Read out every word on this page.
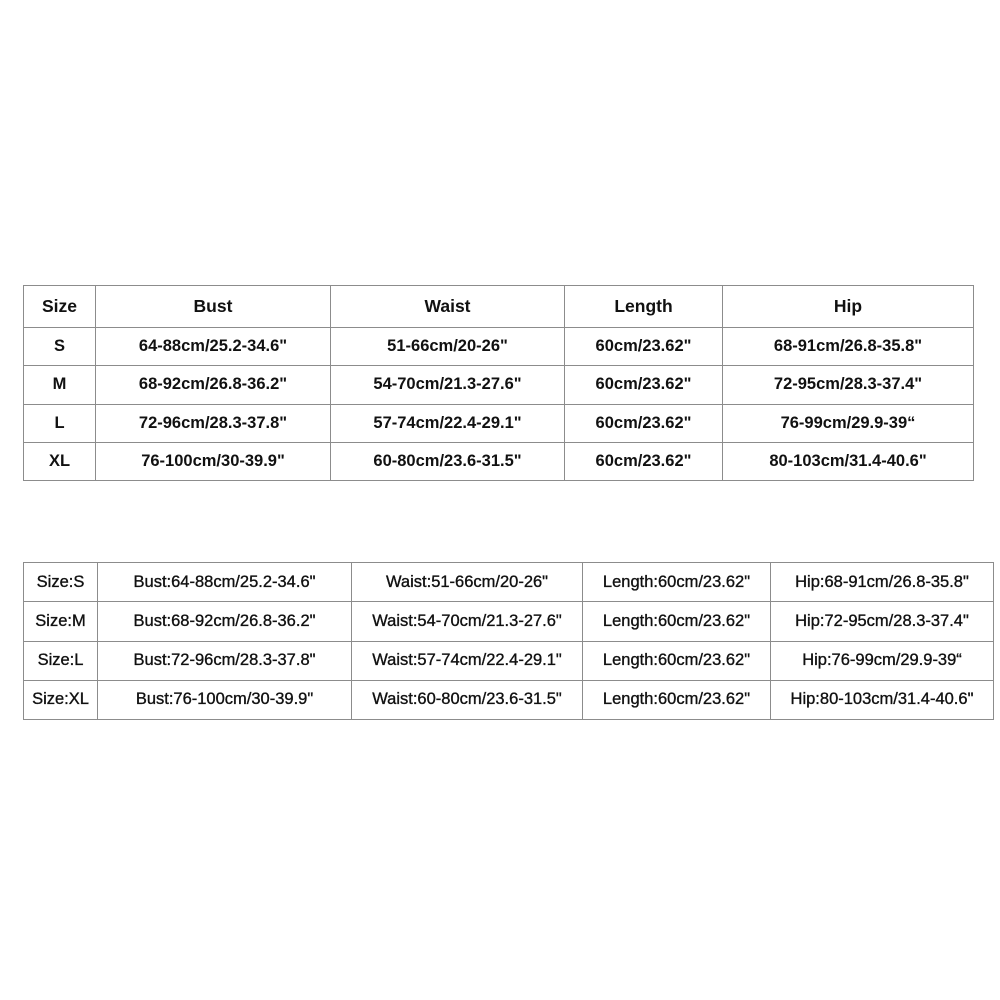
Size	Bust	Waist	Length	Hip
S	64-88cm/25.2-34.6"	51-66cm/20-26"	60cm/23.62"	68-91cm/26.8-35.8"
M	68-92cm/26.8-36.2"	54-70cm/21.3-27.6"	60cm/23.62"	72-95cm/28.3-37.4"
L	72-96cm/28.3-37.8"	57-74cm/22.4-29.1"	60cm/23.62"	76-99cm/29.9-39“
XL	76-100cm/30-39.9"	60-80cm/23.6-31.5"	60cm/23.62"	80-103cm/31.4-40.6"
Size:S	Bust:64-88cm/25.2-34.6"	Waist:51-66cm/20-26"	Length:60cm/23.62"	Hip:68-91cm/26.8-35.8"
Size:M	Bust:68-92cm/26.8-36.2"	Waist:54-70cm/21.3-27.6"	Length:60cm/23.62"	Hip:72-95cm/28.3-37.4"
Size:L	Bust:72-96cm/28.3-37.8"	Waist:57-74cm/22.4-29.1"	Length:60cm/23.62"	Hip:76-99cm/29.9-39“
Size:XL	Bust:76-100cm/30-39.9"	Waist:60-80cm/23.6-31.5"	Length:60cm/23.62"	Hip:80-103cm/31.4-40.6"
